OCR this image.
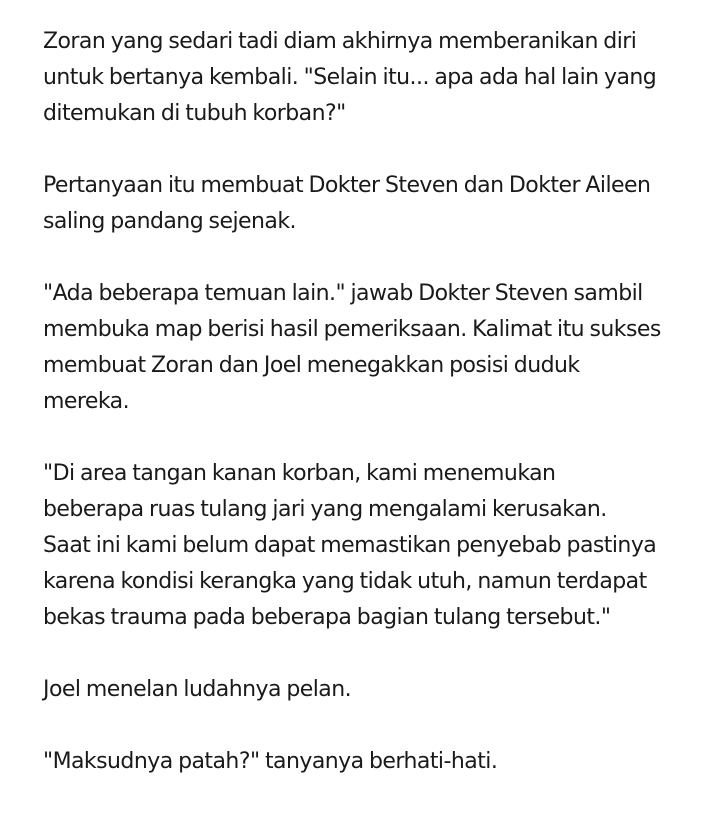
Zoran yang sedari tadi diam akhirnya memberanikan diri
untuk bertanya kembali. "Selain itu... apa ada hal lain yang
ditemukan di tubuh korban?"

Pertanyaan itu membuat Dokter Steven dan Dokter Aileen
saling pandang sejenak.

"Ada beberapa temuan lain." jawab Dokter Steven sambil
membuka map berisi hasil pemeriksaan. Kalimat itu sukses
membuat Zoran dan Joel menegakkan posisi duduk
mereka.

"Di area tangan kanan korban, kami menemukan
beberapa ruas tulang jari yang mengalami kerusakan.
Saat ini kami belum dapat memastikan penyebab pastinya
karena kondisi kerangka yang tidak utuh, namun terdapat
bekas trauma pada beberapa bagian tulang tersebut."

Joel menelan ludahnya pelan.

"Maksudnya patah?" tanyanya berhati-hati.
